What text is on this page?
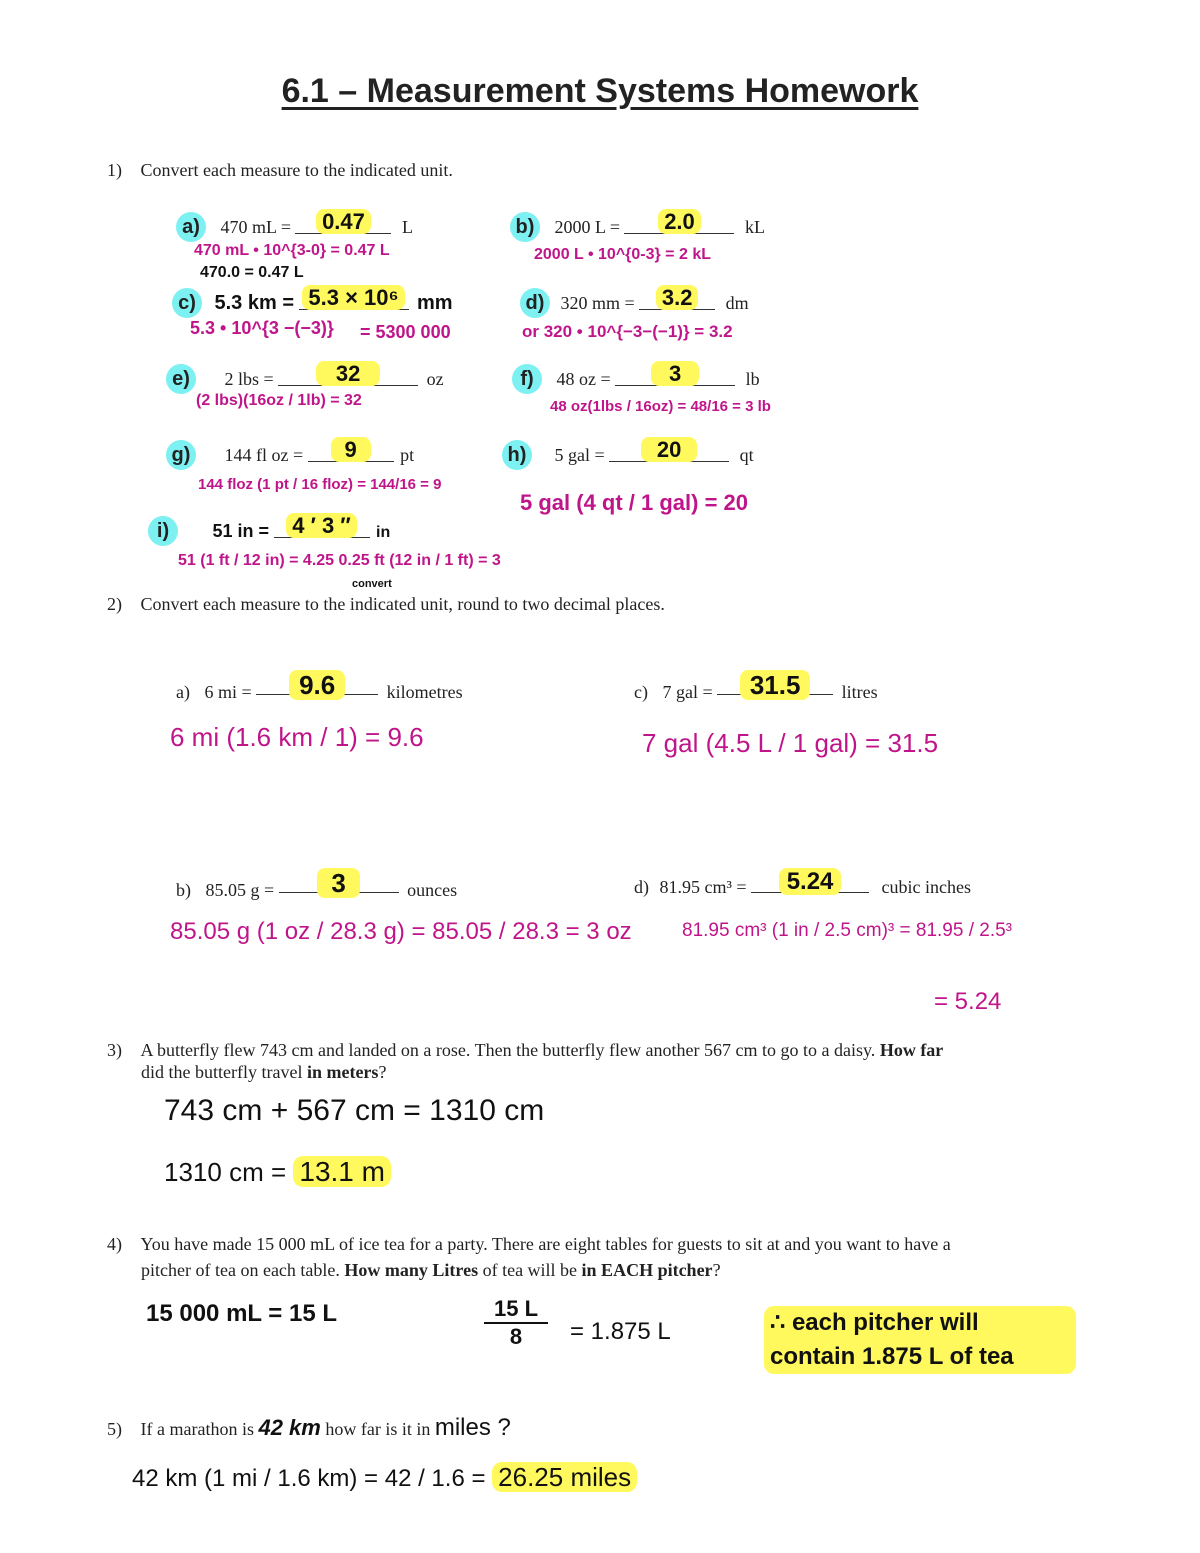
6.1 – Measurement Systems Homework
1) Convert each measure to the indicated unit.
a) 470 mL = 0.47 L
470 mL • 10^{3-0} = 0.47 L
470.0 = 0.47 L
b) 2000 L = 2.0	kL
2000 L • 10^{0-3} = 2 kL
c) 5.3 km = 5.3 × 10⁶ mm
5.3 • 10^{3 −(−3)} = 5300 000
d) 320 mm = 3.2 dm
or 320 • 10^{−3−(−1)} = 3.2
e) 2 lbs =	32	oz
(2 lbs)(16oz / 1lb) = 32
f) 48 oz =	3	lb
48 oz(1lbs / 16oz) = 48/16 = 3 lb
g) 144 fl oz = 9 pt
144 floz (1 pt / 16 floz) = 144/16 = 9
h) 5 gal = 20	qt
5 gal (4 qt / 1 gal) = 20
i) 51 in = 4 ′ 3 ″ in
51 (1 ft / 12 in) = 4.25 0.25 ft (12 in / 1 ft) = 3
convert
2) Convert each measure to the indicated unit, round to two decimal places.
a) 6 mi = 9.6	kilometres
6 mi (1.6 km / 1) = 9.6
c) 7 gal = 31.5 litres
7 gal (4.5 L / 1 gal) = 31.5
b) 85.05 g = 3	ounces
85.05 g (1 oz / 28.3 g) = 85.05 / 28.3 = 3 oz
d) 81.95 cm³ = 5.24	cubic inches
81.95 cm³ (1 in / 2.5 cm)³ = 81.95 / 2.5³
= 5.24
3) A butterfly flew 743 cm and landed on a rose. Then the butterfly flew another 567 cm to go to a daisy. How far
did the butterfly travel in meters?
743 cm + 567 cm = 1310 cm
1310 cm = 13.1 m
4) You have made 15 000 mL of ice tea for a party. There are eight tables for guests to sit at and you want to have a
pitcher of tea on each table. How many Litres of tea will be in EACH pitcher?
15 000 mL = 15 L	$\frac{15 L}{8} = 1.875$ L	∴ each pitcher will contain 1.875 L of tea
5) If a marathon is 42 km how far is it in miles ?
42 km (1 mi / 1.6 km) = 42 / 1.6 = 26.25 miles
